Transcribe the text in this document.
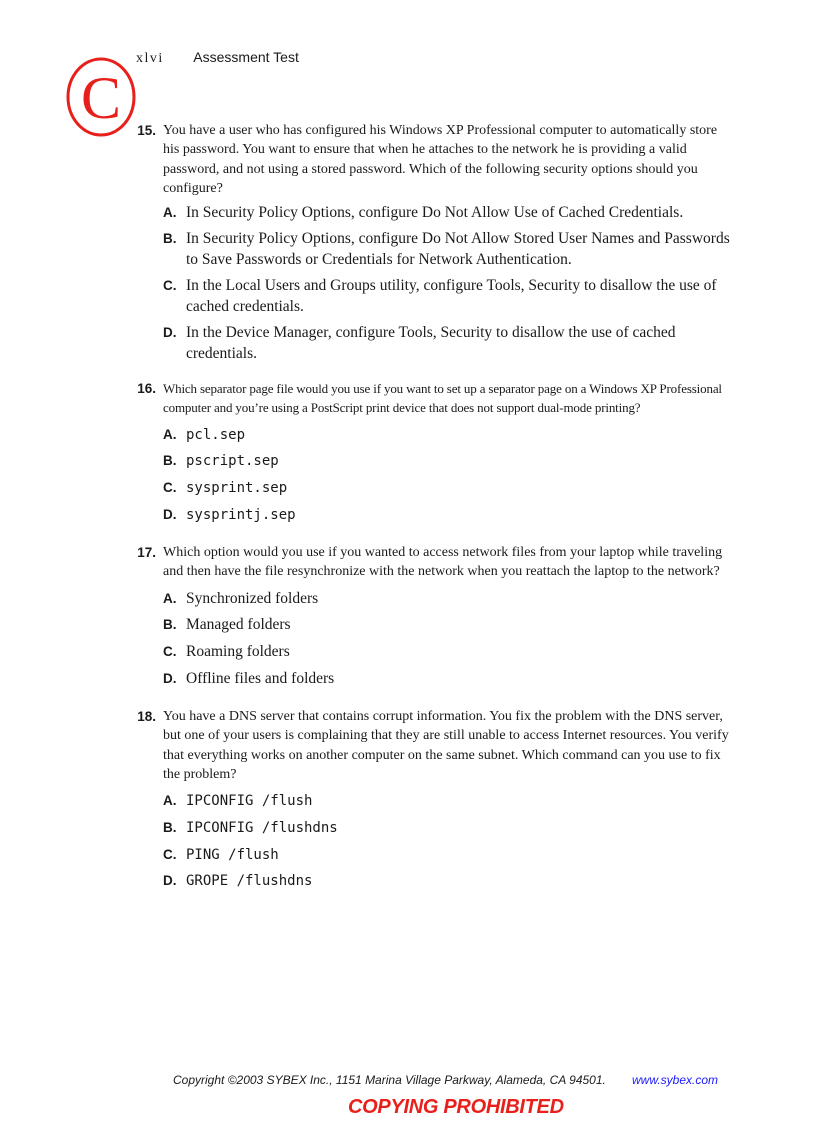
C
xlvi Assessment Test
15. You have a user who has configured his Windows XP Professional computer to automatically store his password. You want to ensure that when he attaches to the network he is providing a valid password, and not using a stored password. Which of the following security options should you configure?

A. In Security Policy Options, configure Do Not Allow Use of Cached Credentials.
B. In Security Policy Options, configure Do Not Allow Stored User Names and Passwords to Save Passwords or Credentials for Network Authentication.
C. In the Local Users and Groups utility, configure Tools, Security to disallow the use of cached credentials.
D. In the Device Manager, configure Tools, Security to disallow the use of cached credentials.
16. Which separator page file would you use if you want to set up a separator page on a Windows XP Professional computer and you’re using a PostScript print device that does not support dual-mode printing?

A. pcl.sep
B. pscript.sep
C. sysprint.sep
D. sysprintj.sep
17. Which option would you use if you wanted to access network files from your laptop while traveling and then have the file resynchronize with the network when you reattach the laptop to the network?

A. Synchronized folders
B. Managed folders
C. Roaming folders
D. Offline files and folders
18. You have a DNS server that contains corrupt information. You fix the problem with the DNS server, but one of your users is complaining that they are still unable to access Internet resources. You verify that everything works on another computer on the same subnet. Which command can you use to fix the problem?

A. IPCONFIG /flush
B. IPCONFIG /flushdns
C. PING /flush
D. GROPE /flushdns
Copyright ©2003 SYBEX Inc., 1151 Marina Village Parkway, Alameda, CA 94501. www.sybex.com
COPYING PROHIBITED
